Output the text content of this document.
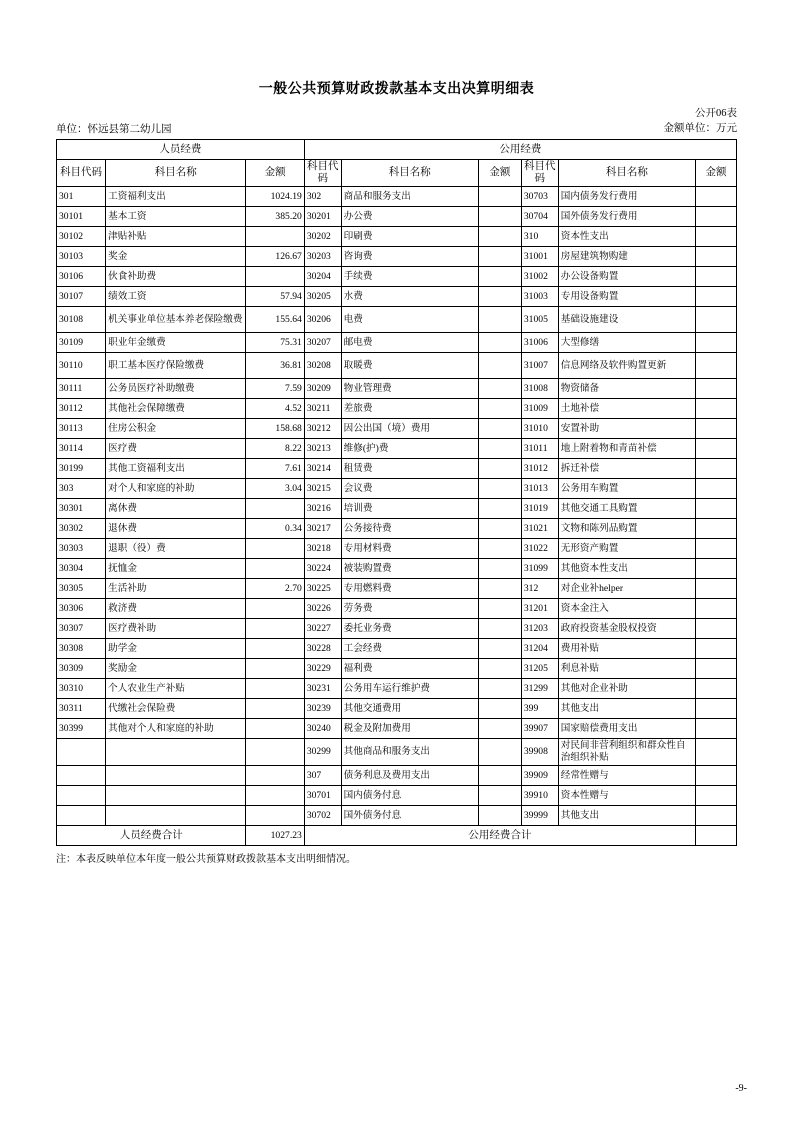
一般公共预算财政拨款基本支出决算明细表
公开06表
金额单位：万元
单位：怀远县第二幼儿园
人员经费			公用经费					
科目代码	科目名称	金额	科目代码	科目名称	金额	科目代码	科目名称	金额
301	工资福利支出	1024.19	302	商品和服务支出		30703	国内债务发行费用	
30101	基本工资	385.20	30201	办公费		30704	国外债务发行费用	
30102	津贴补贴		30202	印刷费		310	资本性支出	
30103	奖金	126.67	30203	咨询费		31001	房屋建筑物购建	
30106	伙食补助费		30204	手续费		31002	办公设备购置	
30107	绩效工资	57.94	30205	水费		31003	专用设备购置	
30108	机关事业单位基本养老保险缴费	155.64	30206	电费		31005	基础设施建设	
30109	职业年金缴费	75.31	30207	邮电费		31006	大型修缮	
30110	职工基本医疗保险缴费	36.81	30208	取暖费		31007	信息网络及软件购置更新	
30111	公务员医疗补助缴费	7.59	30209	物业管理费		31008	物资储备	
30112	其他社会保障缴费	4.52	30211	差旅费		31009	土地补偿	
30113	住房公积金	158.68	30212	因公出国（境）费用		31010	安置补助	
30114	医疗费	8.22	30213	维修(护)费		31011	地上附着物和青苗补偿	
30199	其他工资福利支出	7.61	30214	租赁费		31012	拆迁补偿	
303	对个人和家庭的补助	3.04	30215	会议费		31013	公务用车购置	
30301	离休费		30216	培训费		31019	其他交通工具购置	
30302	退休费	0.34	30217	公务接待费		31021	文物和陈列品购置	
30303	退职（役）费		30218	专用材料费		31022	无形资产购置	
30304	抚恤金		30224	被装购置费		31099	其他资本性支出	
30305	生活补助	2.70	30225	专用燃料费		312	对企业补helper	
30306	救济费		30226	劳务费		31201	资本金注入	
30307	医疗费补助		30227	委托业务费		31203	政府投资基金股权投资	
30308	助学金		30228	工会经费		31204	费用补贴	
30309	奖励金		30229	福利费		31205	利息补贴	
30310	个人农业生产补贴		30231	公务用车运行维护费		31299	其他对企业补助	
30311	代缴社会保险费		30239	其他交通费用		399	其他支出	
30399	其他对个人和家庭的补助		30240	税金及附加费用		39907	国家赔偿费用支出	
			30299	其他商品和服务支出		39908	对民间非营利组织和群众性自治组织补贴	
			307	债务利息及费用支出		39909	经常性赠与	
			30701	国内债务付息		39910	资本性赠与	
			30702	国外债务付息		39999	其他支出	
人员经费合计		1027.23	公用经费合计					
注：本表反映单位本年度一般公共预算财政拨款基本支出明细情况。
-9-
